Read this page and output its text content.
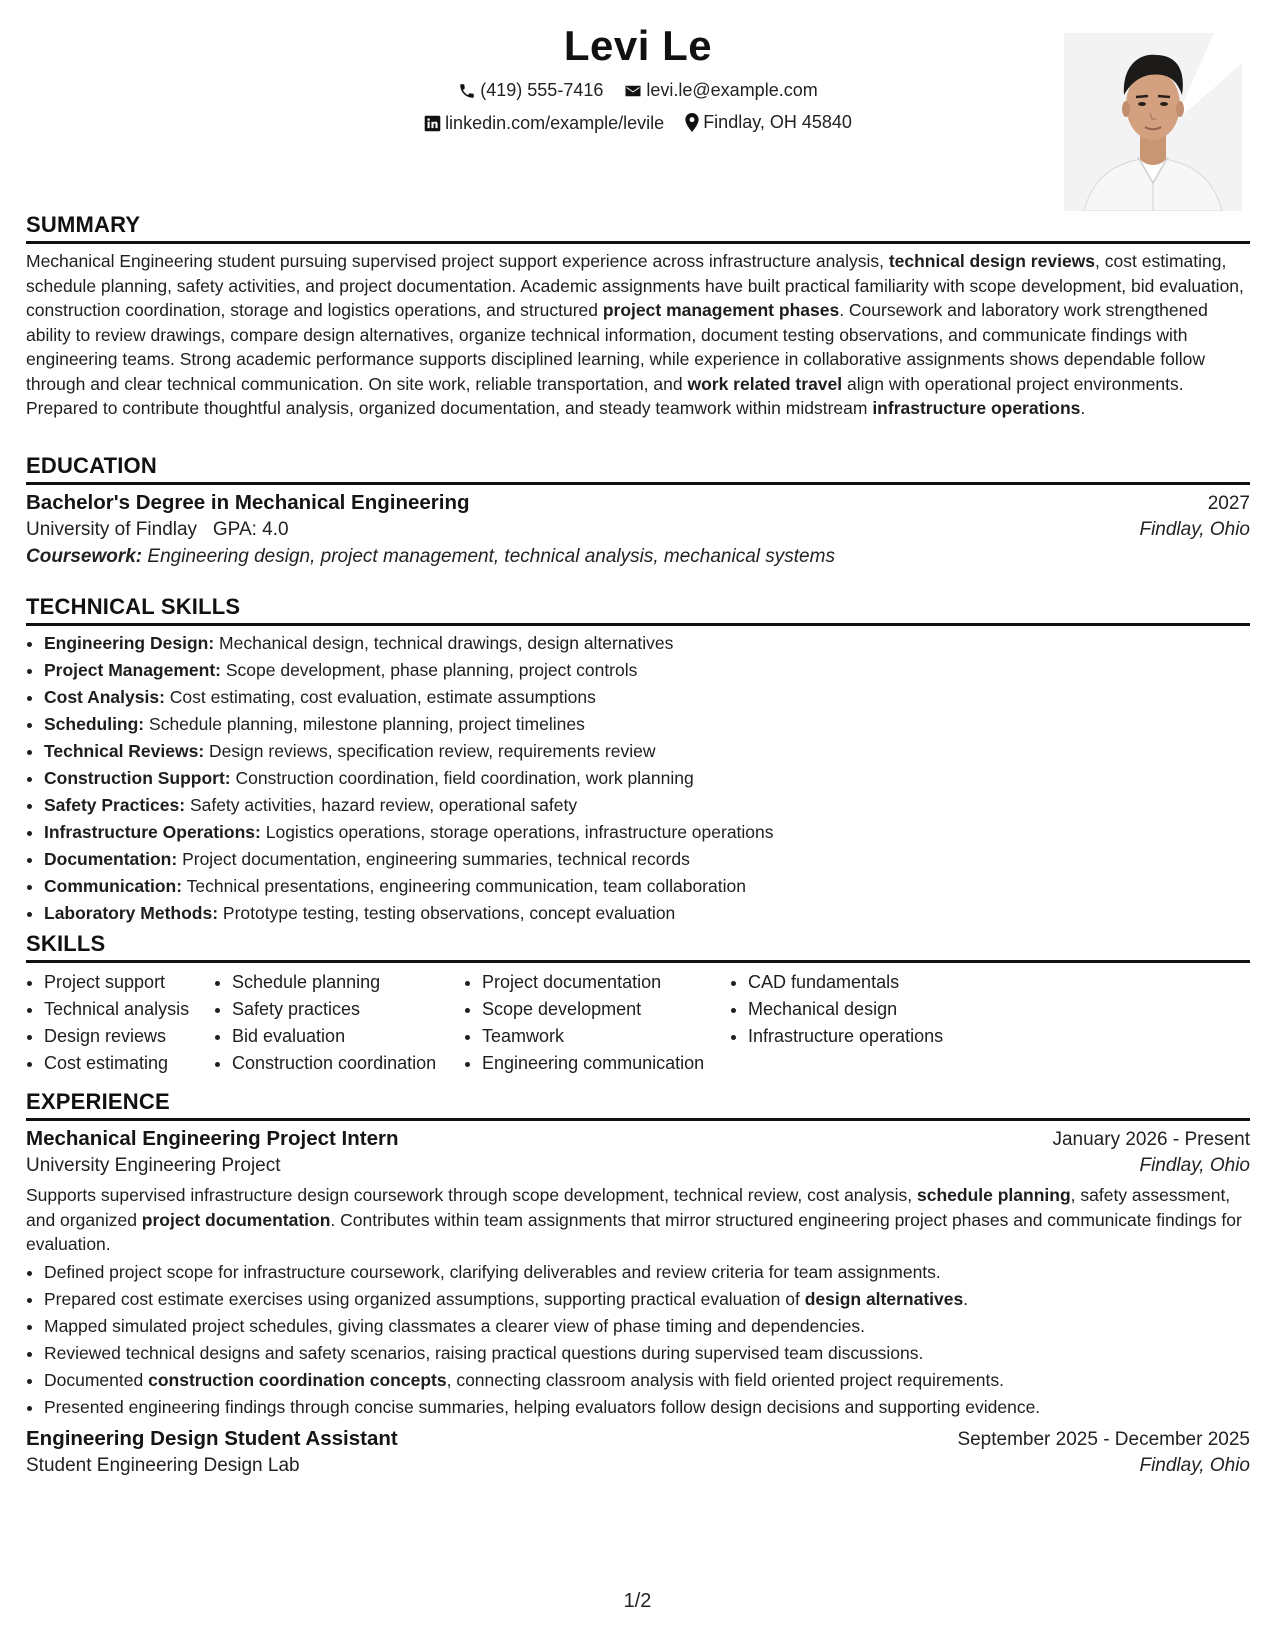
Levi Le
(419) 555-7416
levi.le@example.com
linkedin.com/example/levile
Findlay, OH 45840
SUMMARY

Mechanical Engineering student pursuing supervised project support experience across infrastructure analysis, technical design reviews, cost estimating, schedule planning, safety activities, and project documentation. Academic assignments have built practical familiarity with scope development, bid evaluation, construction coordination, storage and logistics operations, and structured project management phases. Coursework and laboratory work strengthened ability to review drawings, compare design alternatives, organize technical information, document testing observations, and communicate findings with engineering teams. Strong academic performance supports disciplined learning, while experience in collaborative assignments shows dependable follow through and clear technical communication. On site work, reliable transportation, and work related travel align with operational project environments. Prepared to contribute thoughtful analysis, organized documentation, and steady teamwork within midstream infrastructure operations.

EDUCATION
Bachelor's Degree in Mechanical Engineering	2027
University of Findlay GPA: 4.0	Findlay, Ohio
Coursework: Engineering design, project management, technical analysis, mechanical systems
TECHNICAL SKILLS
• Engineering Design: Mechanical design, technical drawings, design alternatives
• Project Management: Scope development, phase planning, project controls
• Cost Analysis: Cost estimating, cost evaluation, estimate assumptions
• Scheduling: Schedule planning, milestone planning, project timelines
• Technical Reviews: Design reviews, specification review, requirements review
• Construction Support: Construction coordination, field coordination, work planning
• Safety Practices: Safety activities, hazard review, operational safety
• Infrastructure Operations: Logistics operations, storage operations, infrastructure operations
• Documentation: Project documentation, engineering summaries, technical records
• Communication: Technical presentations, engineering communication, team collaboration
• Laboratory Methods: Prototype testing, testing observations, concept evaluation
SKILLS
• Project support
• Technical analysis
• Design reviews
• Cost estimating
• Schedule planning
• Safety practices
• Bid evaluation
• Construction coordination
• Project documentation
• Scope development
• Teamwork
• Engineering communication
• CAD fundamentals
• Mechanical design
• Infrastructure operations
EXPERIENCE
Mechanical Engineering Project Intern	January 2026 - Present
University Engineering Project	Findlay, Ohio

Supports supervised infrastructure design coursework through scope development, technical review, cost analysis, schedule planning, safety assessment, and organized project documentation. Contributes within team assignments that mirror structured engineering project phases and communicate findings for evaluation.

• Defined project scope for infrastructure coursework, clarifying deliverables and review criteria for team assignments.
• Prepared cost estimate exercises using organized assumptions, supporting practical evaluation of design alternatives.
• Mapped simulated project schedules, giving classmates a clearer view of phase timing and dependencies.
• Reviewed technical designs and safety scenarios, raising practical questions during supervised team discussions.
• Documented construction coordination concepts, connecting classroom analysis with field oriented project requirements.
• Presented engineering findings through concise summaries, helping evaluators follow design decisions and supporting evidence.
Engineering Design Student Assistant	September 2025 - December 2025
Student Engineering Design Lab	Findlay, Ohio
1/2
